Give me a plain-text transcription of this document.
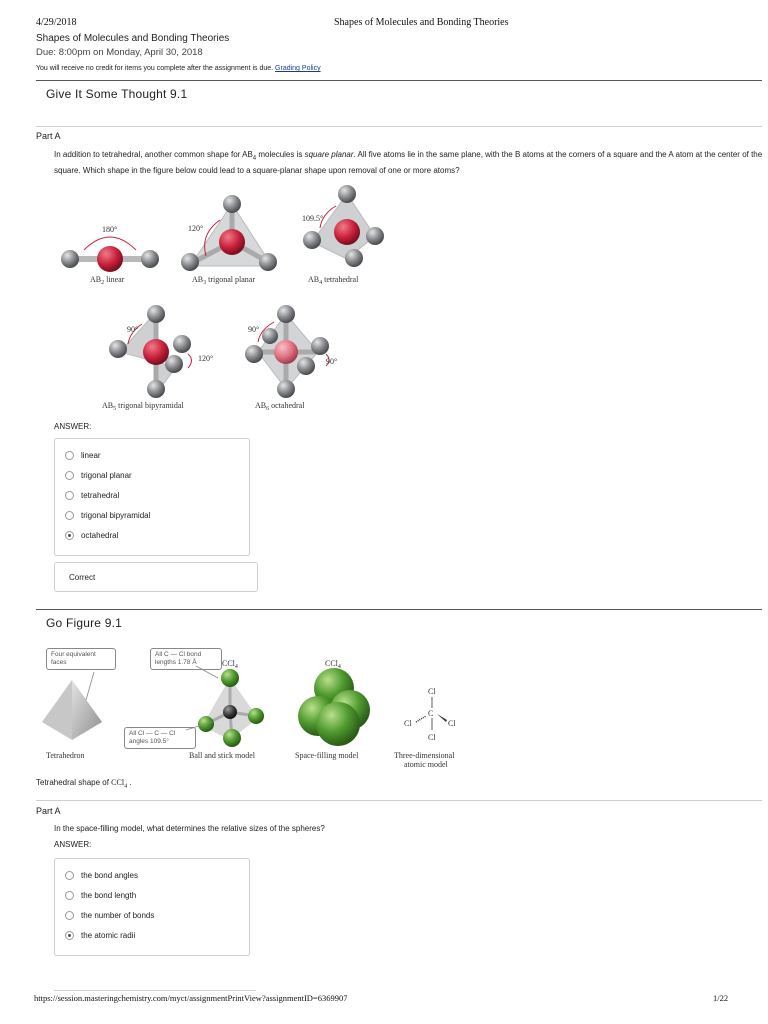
4/29/2018	Shapes of Molecules and Bonding Theories
Shapes of Molecules and Bonding Theories
Due: 8:00pm on Monday, April 30, 2018
You will receive no credit for items you complete after the assignment is due. Grading Policy
Give It Some Thought 9.1
Part A
In addition to tetrahedral, another common shape for $AB_4$ molecules is square planar. All five atoms lie in the same plane, with the B atoms at the corners of a square and the A atom at the center of the square. Which shape in the figure below could lead to a square-planar shape upon removal of one or more atoms?
180°
$AB_2$ linear
120°
$AB_3$ trigonal planar
109.5°
$AB_4$ tetrahedral
90°
120°
$AB_5$ trigonal bipyramidal
90°
90°
$AB_6$ octahedral
ANSWER:
linear
trigonal planar
tetrahedral
trigonal bipyramidal
octahedral
Correct
Go Figure 9.1
Four equivalent faces
All C — Cl bond lengths 1.78 Å
All Cl — C — Cl angles 109.5°
Tetrahedron
CCl$_4$
Ball and stick model
CCl$_4$
Space-filling model
Cl
C
Cl	Cl
Cl
Three-dimensional
atomic model
Tetrahedral shape of CCl$_4$ .
Part A
In the space-filling model, what determines the relative sizes of the spheres?
ANSWER:
the bond angles
the bond length
the number of bonds
the atomic radii
https://session.masteringchemistry.com/myct/assignmentPrintView?assignmentID=6369907	1/22
